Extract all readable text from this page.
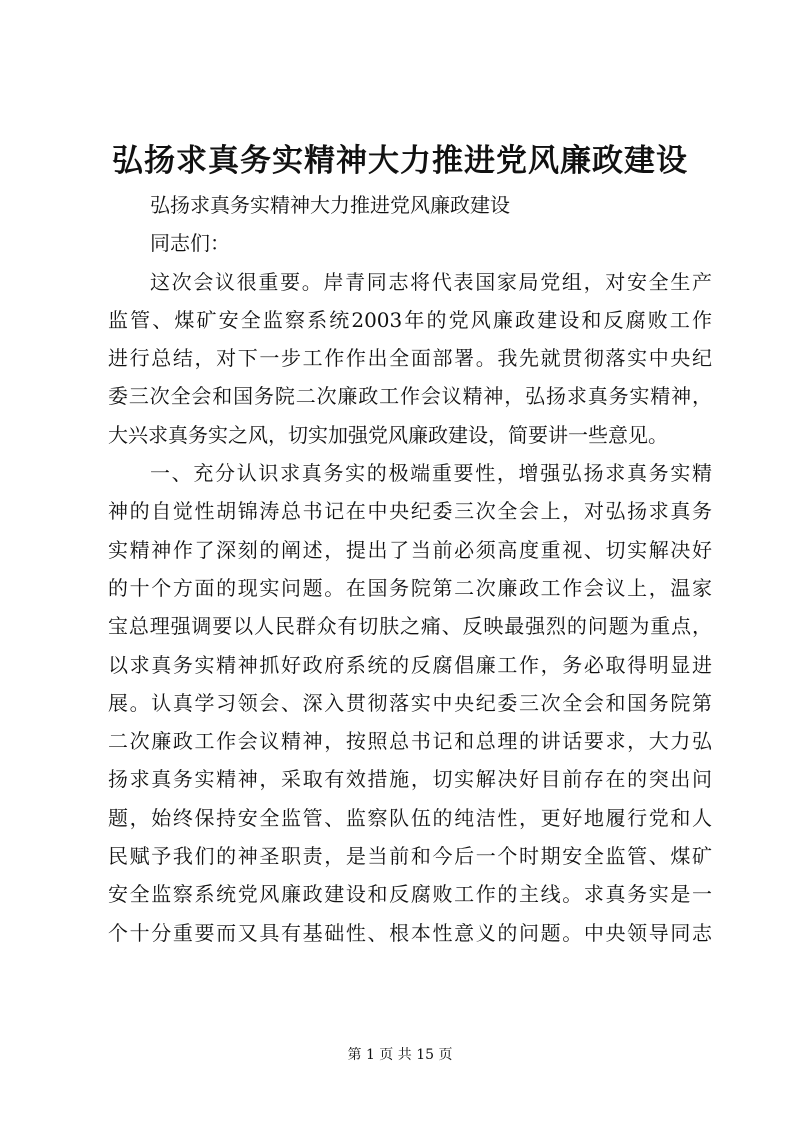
弘扬求真务实精神大力推进党风廉政建设
弘扬求真务实精神大力推进党风廉政建设
同志们：
这次会议很重要。岸青同志将代表国家局党组，对安全生产
监管、煤矿安全监察系统2003年的党风廉政建设和反腐败工作
进行总结，对下一步工作作出全面部署。我先就贯彻落实中央纪
委三次全会和国务院二次廉政工作会议精神，弘扬求真务实精神，
大兴求真务实之风，切实加强党风廉政建设，简要讲一些意见。
一、充分认识求真务实的极端重要性，增强弘扬求真务实精
神的自觉性胡锦涛总书记在中央纪委三次全会上，对弘扬求真务
实精神作了深刻的阐述，提出了当前必须高度重视、切实解决好
的十个方面的现实问题。在国务院第二次廉政工作会议上，温家
宝总理强调要以人民群众有切肤之痛、反映最强烈的问题为重点，
以求真务实精神抓好政府系统的反腐倡廉工作，务必取得明显进
展。认真学习领会、深入贯彻落实中央纪委三次全会和国务院第
二次廉政工作会议精神，按照总书记和总理的讲话要求，大力弘
扬求真务实精神，采取有效措施，切实解决好目前存在的突出问
题，始终保持安全监管、监察队伍的纯洁性，更好地履行党和人
民赋予我们的神圣职责，是当前和今后一个时期安全监管、煤矿
安全监察系统党风廉政建设和反腐败工作的主线。求真务实是一
个十分重要而又具有基础性、根本性意义的问题。中央领导同志
第 1 页 共 15 页
